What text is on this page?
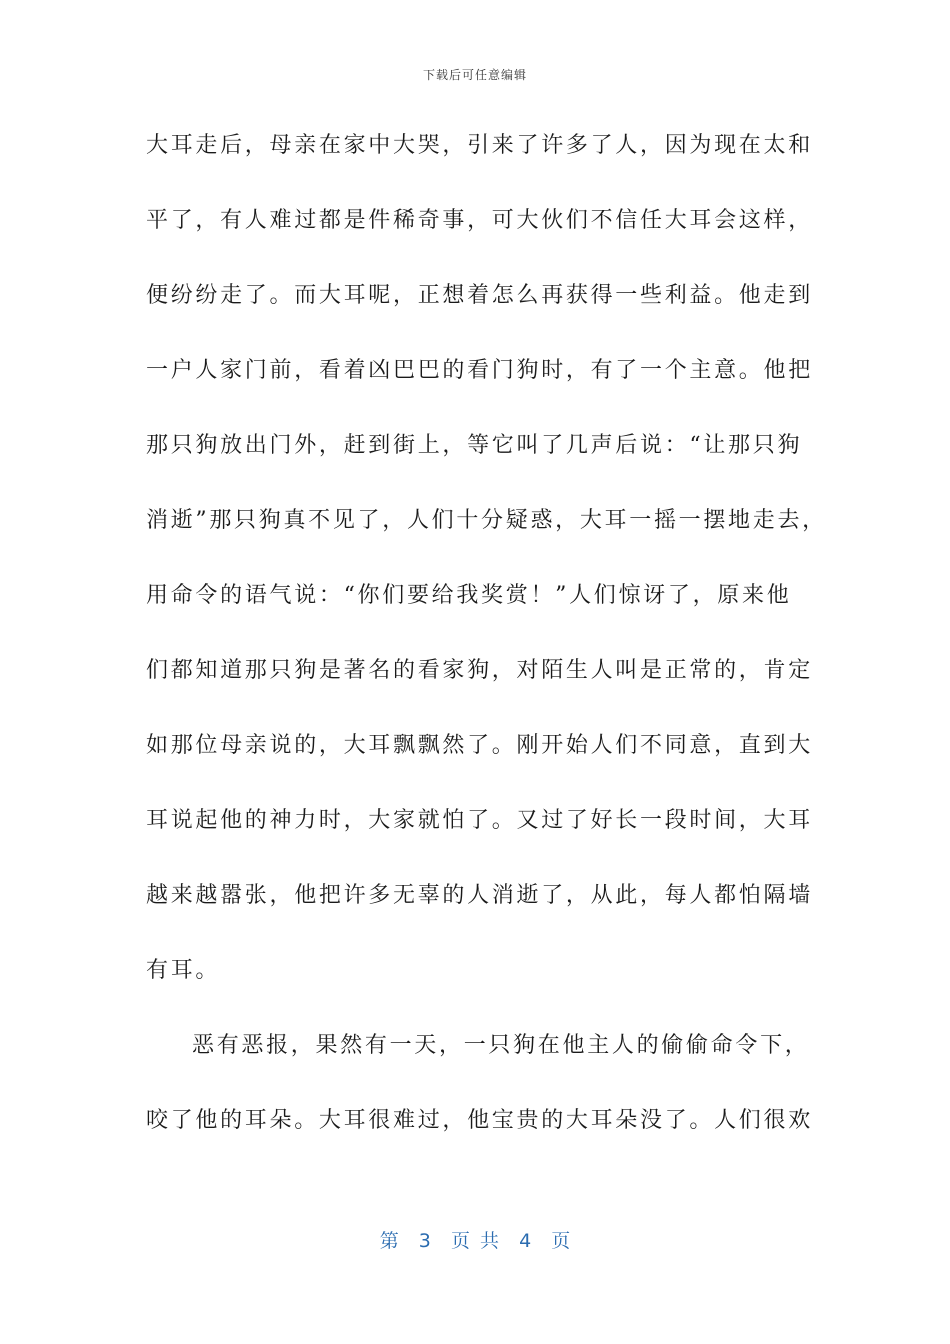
下载后可任意编辑
大耳走后，母亲在家中大哭，引来了许多了人，因为现在太和
平了，有人难过都是件稀奇事，可大伙们不信任大耳会这样，
便纷纷走了。而大耳呢，正想着怎么再获得一些利益。他走到
一户人家门前，看着凶巴巴的看门狗时，有了一个主意。他把
那只狗放出门外，赶到街上，等它叫了几声后说：“让那只狗
消逝”那只狗真不见了，人们十分疑惑，大耳一摇一摆地走去，
用命令的语气说：“你们要给我奖赏！”人们惊讶了，原来他
们都知道那只狗是著名的看家狗，对陌生人叫是正常的，肯定
如那位母亲说的，大耳飘飘然了。刚开始人们不同意，直到大
耳说起他的神力时，大家就怕了。又过了好长一段时间，大耳
越来越嚣张，他把许多无辜的人消逝了，从此，每人都怕隔墙
有耳。
恶有恶报，果然有一天，一只狗在他主人的偷偷命令下，
咬了他的耳朵。大耳很难过，他宝贵的大耳朵没了。人们很欢
第  3  页 共  4  页
